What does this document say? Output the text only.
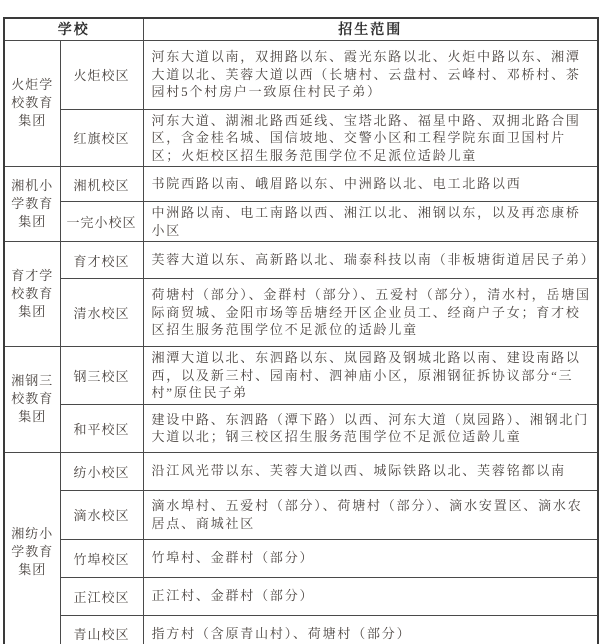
学校		招生范围
火炬学校教育集团	火炬校区	河东大道以南，双拥路以东、霞光东路以北、火炬中路以东、湘潭大道以北、芙蓉大道以西（长塘村、云盘村、云峰村、邓桥村、茶园村5个村房户一致原住村民子弟）
	红旗校区	河东大道、湖湘北路西延线、宝塔北路、福星中路、双拥北路合围区，含金桂名城、国信坡地、交警小区和工程学院东面卫国村片区；火炬校区招生服务范围学位不足派位适龄儿童
湘机小学教育集团	湘机校区	书院西路以南、峨眉路以东、中洲路以北、电工北路以西
	一完小校区	中洲路以南、电工南路以西、湘江以北、湘钢以东，以及再恋康桥小区
育才学校教育集团	育才校区	芙蓉大道以东、高新路以北、瑞泰科技以南（非板塘街道居民子弟）
	清水校区	荷塘村（部分）、金群村（部分）、五爱村（部分），清水村，岳塘国际商贸城、金阳市场等岳塘经开区企业员工、经商户子女；育才校区招生服务范围学位不足派位的适龄儿童
湘钢三校教育集团	钢三校区	湘潭大道以北、东泗路以东、岚园路及钢城北路以南、建设南路以西，以及新三村、园南村、泗神庙小区，原湘钢征拆协议部分“三村”原住民子弟
	和平校区	建设中路、东泗路（潭下路）以西、河东大道（岚园路）、湘钢北门大道以北；钢三校区招生服务范围学位不足派位适龄儿童
湘纺小学教育集团	纺小校区	沿江风光带以东、芙蓉大道以西、城际铁路以北、芙蓉铭都以南
	滴水校区	滴水埠村、五爱村（部分）、荷塘村（部分）、滴水安置区、滴水农居点、商城社区
	竹埠校区	竹埠村、金群村（部分）
	正江校区	正江村、金群村（部分）
	青山校区	指方村（含原青山村）、荷塘村（部分）
